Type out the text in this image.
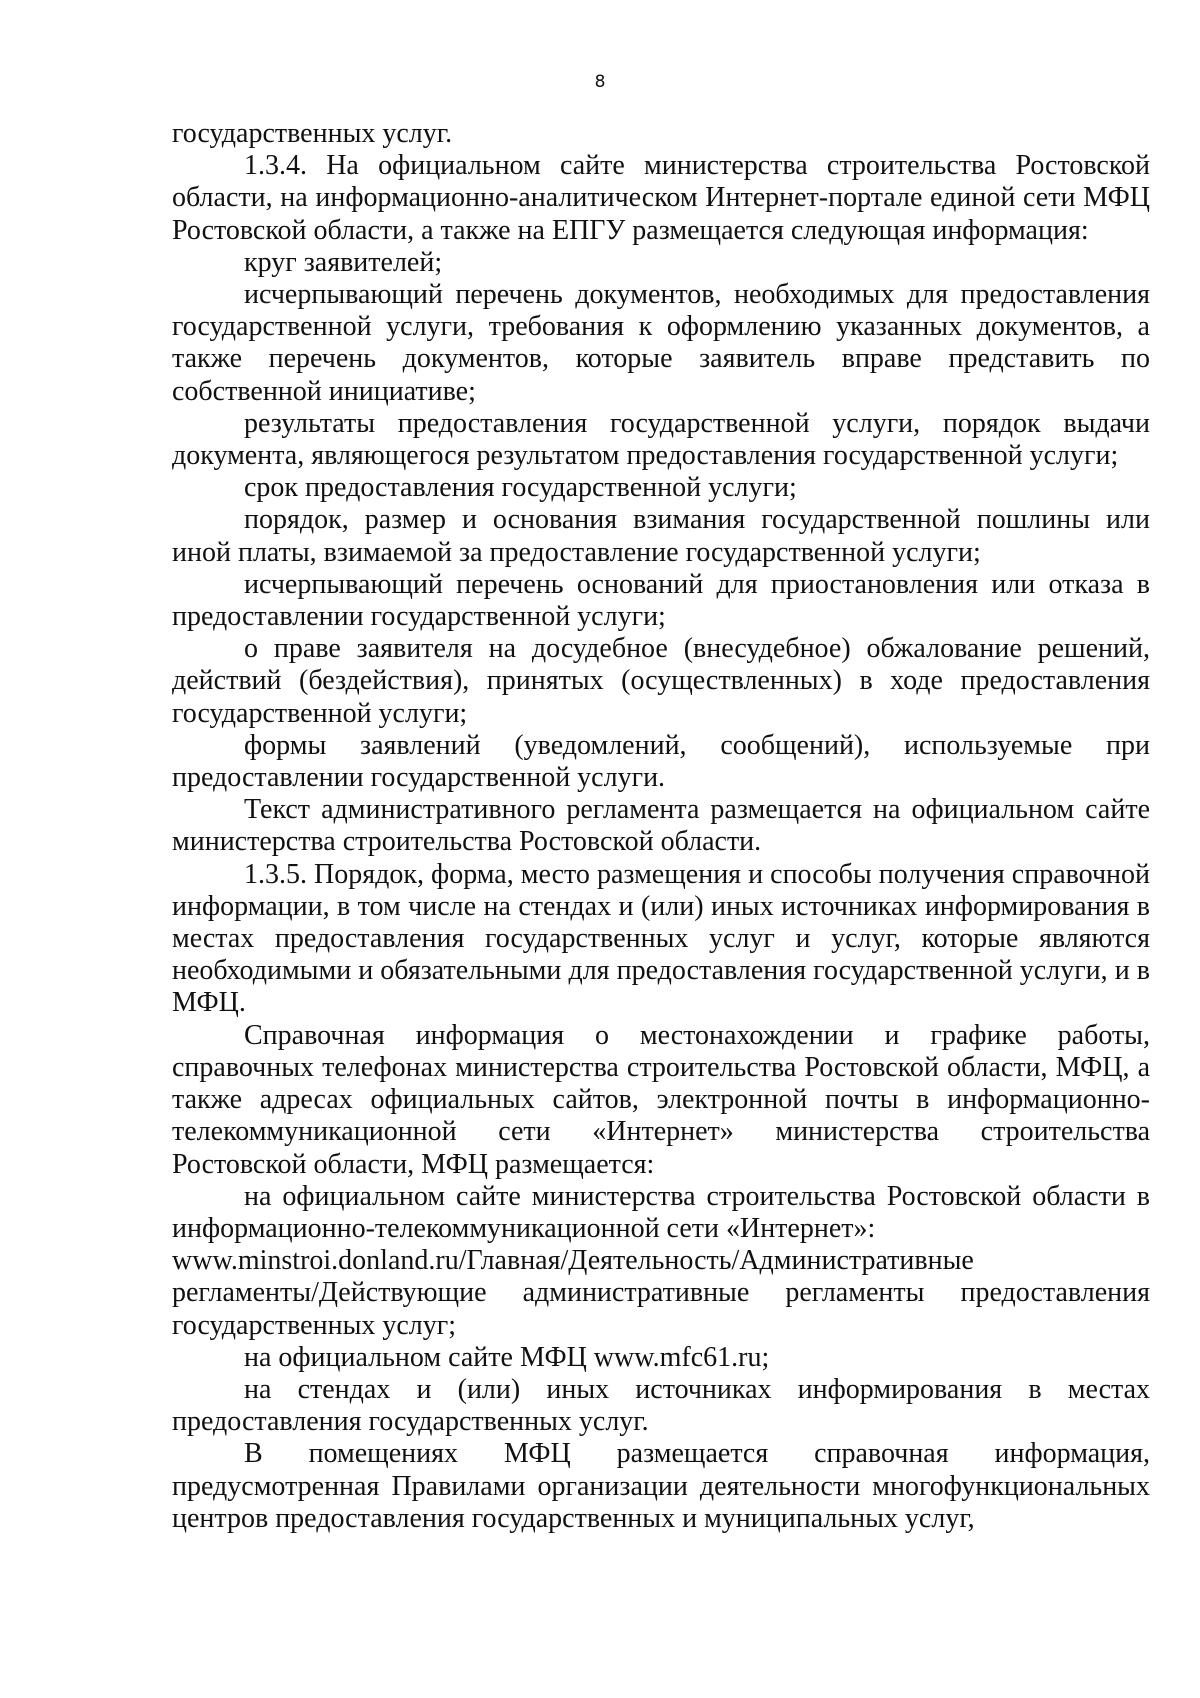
8

государственных услуг.

1.3.4. На официальном сайте министерства строительства Ростовской области, на информационно-аналитическом Интернет-портале единой сети МФЦ Ростовской области, а также на ЕПГУ размещается следующая информация:

круг заявителей;

исчерпывающий перечень документов, необходимых для предоставления государственной услуги, требования к оформлению указанных документов, а также перечень документов, которые заявитель вправе представить по собственной инициативе;

результаты предоставления государственной услуги, порядок выдачи документа, являющегося результатом предоставления государственной услуги;

срок предоставления государственной услуги;

порядок, размер и основания взимания государственной пошлины или иной платы, взимаемой за предоставление государственной услуги;

исчерпывающий перечень оснований для приостановления или отказа в предоставлении государственной услуги;

о праве заявителя на досудебное (внесудебное) обжалование решений, действий (бездействия), принятых (осуществленных) в ходе предоставления государственной услуги;

формы заявлений (уведомлений, сообщений), используемые при предоставлении государственной услуги.

Текст административного регламента размещается на официальном сайте министерства строительства Ростовской области.

1.3.5. Порядок, форма, место размещения и способы получения справочной информации, в том числе на стендах и (или) иных источниках информирования в местах предоставления государственных услуг и услуг, которые являются необходимыми и обязательными для предоставления государственной услуги, и в МФЦ.

Справочная информация о местонахождении и графике работы, справочных телефонах министерства строительства Ростовской области, МФЦ, а также адресах официальных сайтов, электронной почты в информационно-телекоммуникационной сети «Интернет» министерства строительства Ростовской области, МФЦ размещается:

на официальном сайте министерства строительства Ростовской области в информационно-телекоммуникационной сети «Интернет»:

www.minstroi.donland.ru/Главная/Деятельность/Административные

регламенты/Действующие административные регламенты предоставления государственных услуг;

на официальном сайте МФЦ www.mfc61.ru;

на стендах и (или) иных источниках информирования в местах предоставления государственных услуг.

В помещениях МФЦ размещается справочная информация, предусмотренная Правилами организации деятельности многофункциональных центров предоставления государственных и муниципальных услуг,
